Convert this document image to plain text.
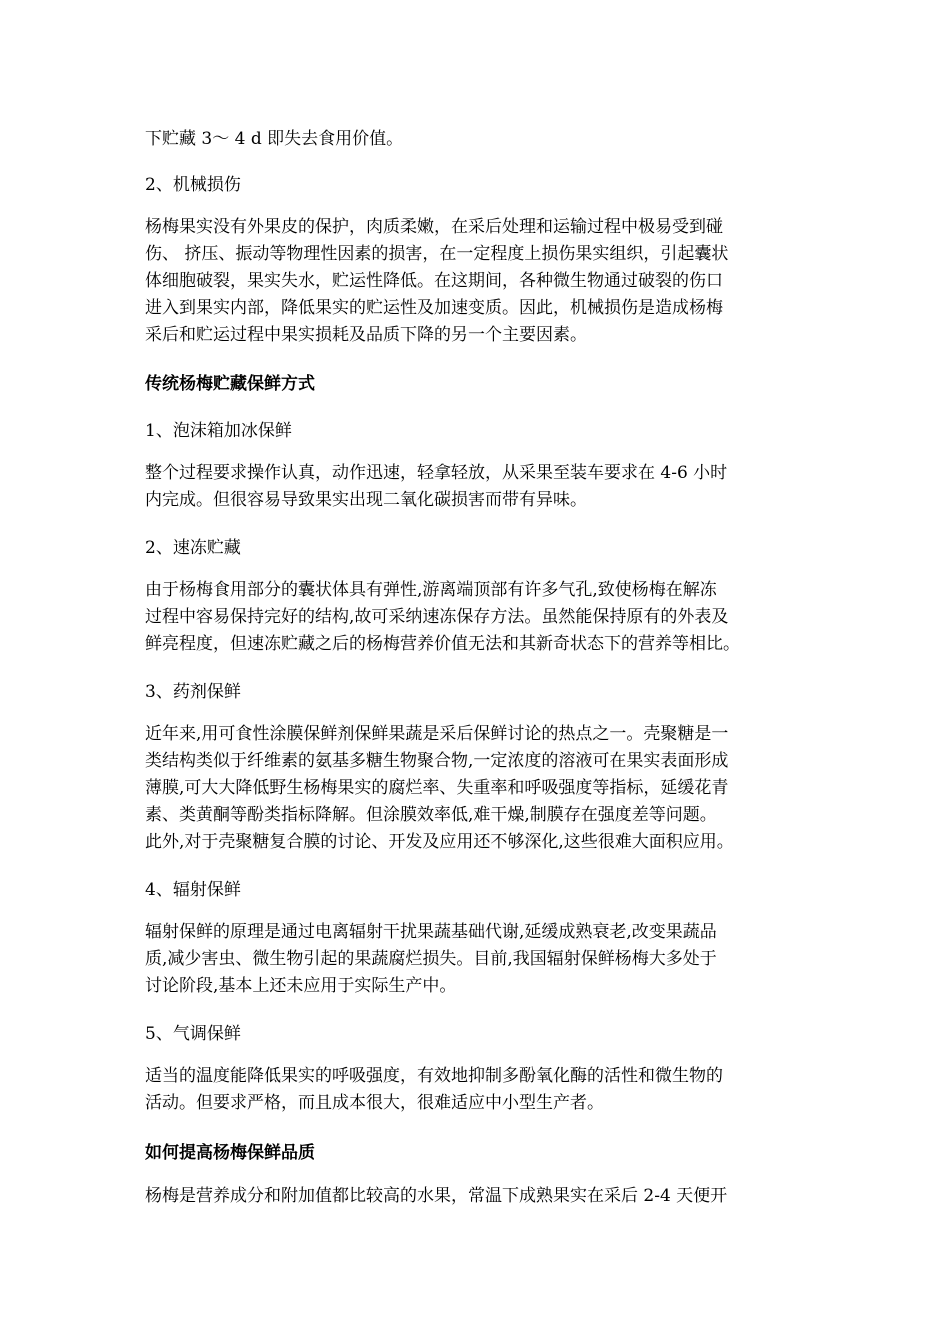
下贮藏 3～ 4 d 即失去食用价值。

2、机械损伤

杨梅果实没有外果皮的保护，肉质柔嫩，在采后处理和运输过程中极易受到碰

伤、 挤压、振动等物理性因素的损害，在一定程度上损伤果实组织，引起囊状

体细胞破裂，果实失水，贮运性降低。在这期间，各种微生物通过破裂的伤口

进入到果实内部，降低果实的贮运性及加速变质。因此，机械损伤是造成杨梅

采后和贮运过程中果实损耗及品质下降的另一个主要因素。

传统杨梅贮藏保鲜方式

1、泡沫箱加冰保鲜

整个过程要求操作认真，动作迅速，轻拿轻放，从采果至装车要求在 4-6 小时

内完成。但很容易导致果实出现二氧化碳损害而带有异味。

2、速冻贮藏

由于杨梅食用部分的囊状体具有弹性,游离端顶部有许多气孔,致使杨梅在解冻

过程中容易保持完好的结构,故可采纳速冻保存方法。虽然能保持原有的外表及

鲜亮程度，但速冻贮藏之后的杨梅营养价值无法和其新奇状态下的营养等相比。

3、药剂保鲜

近年来,用可食性涂膜保鲜剂保鲜果蔬是采后保鲜讨论的热点之一。壳聚糖是一

类结构类似于纤维素的氨基多糖生物聚合物,一定浓度的溶液可在果实表面形成

薄膜,可大大降低野生杨梅果实的腐烂率、失重率和呼吸强度等指标，延缓花青

素、类黄酮等酚类指标降解。但涂膜效率低,难干燥,制膜存在强度差等问题。

此外,对于壳聚糖复合膜的讨论、开发及应用还不够深化,这些很难大面积应用。

4、辐射保鲜

辐射保鲜的原理是通过电离辐射干扰果蔬基础代谢,延缓成熟衰老,改变果蔬品

质,减少害虫、微生物引起的果蔬腐烂损失。目前,我国辐射保鲜杨梅大多处于

讨论阶段,基本上还未应用于实际生产中。

5、气调保鲜

适当的温度能降低果实的呼吸强度，有效地抑制多酚氧化酶的活性和微生物的

活动。但要求严格，而且成本很大，很难适应中小型生产者。

如何提高杨梅保鲜品质

杨梅是营养成分和附加值都比较高的水果，常温下成熟果实在采后 2-4 天便开
